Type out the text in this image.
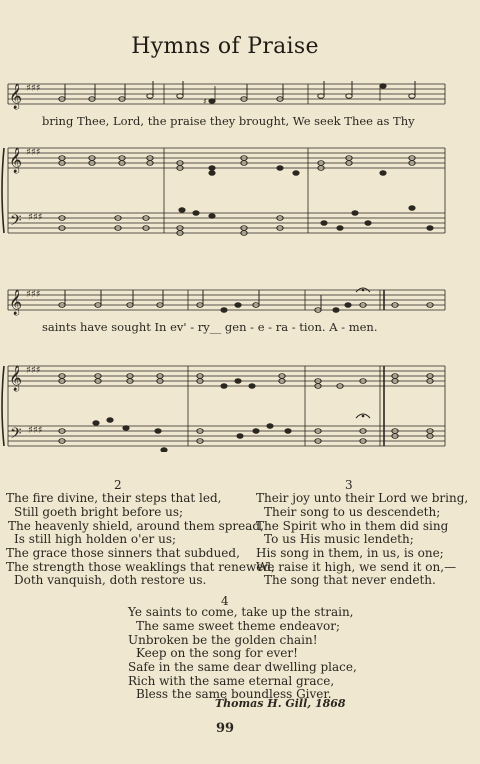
Hymns of Praise
𝄞
𝄞
𝄢
♯♯♯
♯♯♯
♯♯♯
♯
bring Thee, Lord, the praise they brought, We seek Thee as Thy
𝄞
𝄞
𝄢
♯♯♯
♯♯♯
♯♯♯
saints have sought In ev' - ry__ gen - e - ra - tion. A - men.
2
The fire divine, their steps that led,
Still goeth bright before us;
The heavenly shield, around them spread,
Is still high holden o'er us;
The grace those sinners that subdued,
The strength those weaklings that renewed,
Doth vanquish, doth restore us.
3
Their joy unto their Lord we bring,
Their song to us descendeth;
The Spirit who in them did sing
To us His music lendeth;
His song in them, in us, is one;
We raise it high, we send it on,—
The song that never endeth.
4
Ye saints to come, take up the strain,
The same sweet theme endeavor;
Unbroken be the golden chain!
Keep on the song for ever!
Safe in the same dear dwelling place,
Rich with the same eternal grace,
Bless the same boundless Giver.
Thomas H. Gill, 1868
99
